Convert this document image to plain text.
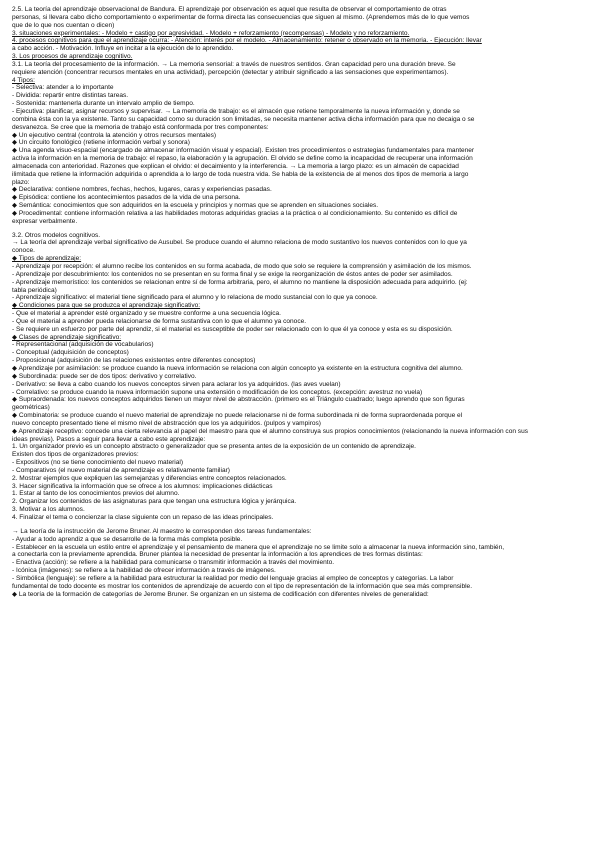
2.5. La teoría del aprendizaje observacional de Bandura. El aprendizaje por observación es aquel que resulta de observar el comportamiento de otras
personas, si llevara cabo dicho comportamiento o experimentar de forma directa las consecuencias que siguen al mismo. (Aprendemos más de lo que vemos
que de lo que nos cuentan o dicen)
3. situaciones experimentales: - Modelo + castigo por agresividad. - Modelo + reforzamiento (recompensas) - Modelo y no reforzamiento.
4. procesos cognitivos para que el aprendizaje ocurra: - Atención: interés por el modelo. - Almacenamiento: retener o observado en la memoria. - Ejecución: llevar
a cabo acción. - Motivación. Influye en incitar a la ejecución de lo aprendido.
3. Los procesos de aprendizaje cognitivo.
3.1. La teoría del procesamiento de la información. → La memoria sensorial: a través de nuestros sentidos. Gran capacidad pero una duración breve. Se
requiere atención (concentrar recursos mentales en una actividad), percepción (detectar y atribuir significado a las sensaciones que experimentamos).
4 Tipos:
- Selectiva: atender a lo importante
- Dividida: repartir entre distintas tareas.
- Sostenida: mantenerla durante un intervalo amplio de tiempo.
- Ejecutiva: planificar, asignar recursos y supervisar. → La memoria de trabajo: es el almacén que retiene temporalmente la nueva información y, donde se
combina ésta con la ya existente. Tanto su capacidad como su duración son limitadas, se necesita mantener activa dicha información para que no decaiga o se
desvanezca. Se cree que la memoria de trabajo está conformada por tres componentes:
◆ Un ejecutivo central (controla la atención y otros recursos mentales)
◆ Un circuito fonológico (retiene información verbal y sonora)
◆ Una agenda visuo-espacial (encargado de almacenar información visual y espacial). Existen tres procedimientos o estrategias fundamentales para mantener
activa la información en la memoria de trabajo: el repaso, la elaboración y la agrupación. El olvido se define como la incapacidad de recuperar una información
almacenada con anterioridad. Razones que explican el olvido: el decaimiento y la interferencia. → La memoria a largo plazo: es un almacén de capacidad
ilimitada que retiene la información adquirida o aprendida a lo largo de toda nuestra vida. Se habla de la existencia de al menos dos tipos de memoria a largo
plazo:
◆ Declarativa: contiene nombres, fechas, hechos, lugares, caras y experiencias pasadas.
◆ Episódica: contiene los acontecimientos pasados de la vida de una persona.
◆ Semántica: conocimientos que son adquiridos en la escuela y principios y normas que se aprenden en situaciones sociales.
◆ Procedimental: contiene información relativa a las habilidades motoras adquiridas gracias a la práctica o al condicionamiento. Su contenido es difícil de
expresar verbalmente.
3.2. Otros modelos cognitivos.
→ La teoría del aprendizaje verbal significativo de Ausubel. Se produce cuando el alumno relaciona de modo sustantivo los nuevos contenidos con lo que ya
conoce.
◆ Tipos de aprendizaje:
- Aprendizaje por recepción: el alumno recibe los contenidos en su forma acabada, de modo que solo se requiere la comprensión y asimilación de los mismos.
- Aprendizaje por descubrimiento: los contenidos no se presentan en su forma final y se exige la reorganización de éstos antes de poder ser asimilados.
- Aprendizaje memorístico: los contenidos se relacionan entre sí de forma arbitraria, pero, el alumno no mantiene la disposición adecuada para adquirirlo. (ej:
tabla periódica)
- Aprendizaje significativo: el material tiene significado para el alumno y lo relaciona de modo sustancial con lo que ya conoce.
◆ Condiciones para que se produzca el aprendizaje significativo:
- Que el material a aprender esté organizado y se muestre conforme a una secuencia lógica.
- Que el material a aprender pueda relacionarse de forma sustantiva con lo que el alumno ya conoce.
- Se requiere un esfuerzo por parte del aprendiz, si el material es susceptible de poder ser relacionado con lo que él ya conoce y esta es su disposición.
◆ Clases de aprendizaje significativo:
- Representacional (adquisición de vocabularios)
- Conceptual (adquisición de conceptos)
- Proposicional (adquisición de las relaciones existentes entre diferentes conceptos)
◆ Aprendizaje por asimilación: se produce cuando la nueva información se relaciona con algún concepto ya existente en la estructura cognitiva del alumno.
◆ Subordinada: puede ser de dos tipos: derivativo y correlativo.
- Derivativo: se lleva a cabo cuando los nuevos conceptos sirven para aclarar los ya adquiridos. (las aves vuelan)
- Correlativo: se produce cuando la nueva información supone una extensión o modificación de los conceptos. (excepción: avestruz no vuela)
◆ Supraordenada: los nuevos conceptos adquiridos tienen un mayor nivel de abstracción. (primero es el Triángulo cuadrado; luego aprendo que son figuras
geométricas)
◆ Combinatoria: se produce cuando el nuevo material de aprendizaje no puede relacionarse ni de forma subordinada ni de forma supraordenada porque el
nuevo concepto presentado tiene el mismo nivel de abstracción que los ya adquiridos. (pulpos y vampiros)
◆ Aprendizaje receptivo: concede una cierta relevancia al papel del maestro para que el alumno construya sus propios conocimientos (relacionando la nueva información con sus
ideas previas). Pasos a seguir para llevar a cabo este aprendizaje:
1. Un organizador previo es un concepto abstracto o generalizador que se presenta antes de la exposición de un contenido de aprendizaje.
Existen dos tipos de organizadores previos:
- Expositivos (no se tiene conocimiento del nuevo material)
- Comparativos (el nuevo material de aprendizaje es relativamente familiar)
2. Mostrar ejemplos que expliquen las semejanzas y diferencias entre conceptos relacionados.
3. Hacer significativa la información que se ofrece a los alumnos: implicaciones didácticas
1. Estar al tanto de los conocimientos previos del alumno.
2. Organizar los contenidos de las asignaturas para que tengan una estructura lógica y jerárquica.
3. Motivar a los alumnos.
4. Finalizar el tema o concienzar la clase siguiente con un repaso de las ideas principales.
→ La teoría de la instrucción de Jerome Bruner. Al maestro le corresponden dos tareas fundamentales:
- Ayudar a todo aprendiz a que se desarrolle de la forma más completa posible.
- Establecer en la escuela un estilo entre el aprendizaje y el pensamiento de manera que el aprendizaje no se limite solo a almacenar la nueva información sino, también,
a conectarla con la previamente aprendida. Bruner plantea la necesidad de presentar la información a los aprendices de tres formas distintas:
- Enactiva (acción): se refiere a la habilidad para comunicarse o transmitir información a través del movimiento.
- Icónica (imágenes): se refiere a la habilidad de ofrecer información a través de imágenes.
- Simbólica (lenguaje): se refiere a la habilidad para estructurar la realidad por medio del lenguaje gracias al empleo de conceptos y categorías. La labor
fundamental de todo docente es mostrar los contenidos de aprendizaje de acuerdo con el tipo de representación de la información que sea más comprensible.
◆ La teoría de la formación de categorías de Jerome Bruner. Se organizan en un sistema de codificación con diferentes niveles de generalidad:
